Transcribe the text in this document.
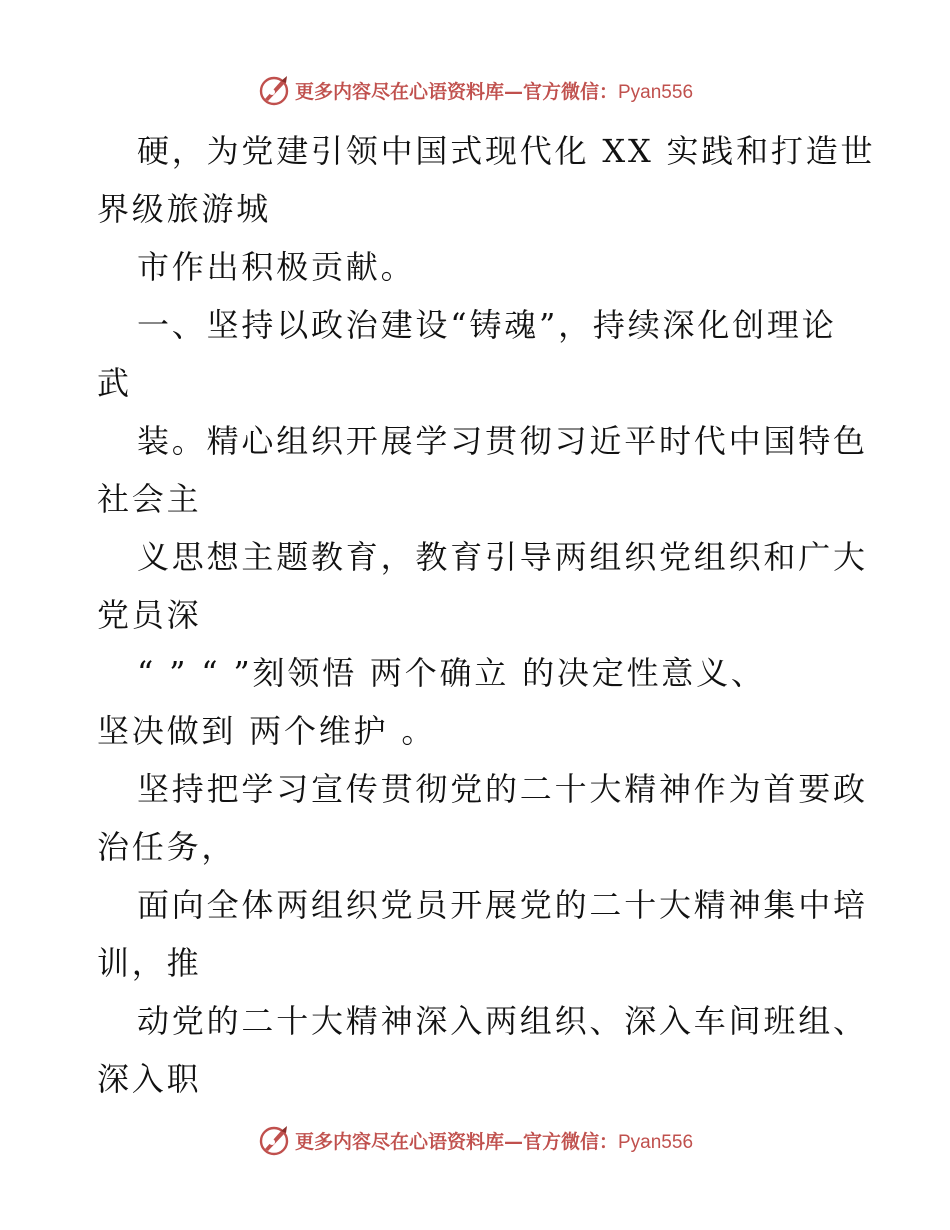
更多内容尽在心语资料库—官方微信：Pyan556
硬，为党建引领中国式现代化 XX 实践和打造世
界级旅游城
市作出积极贡献。
一、坚持以政治建设“铸魂”，持续深化创理论
武
装。精心组织开展学习贯彻习近平时代中国特色
社会主
义思想主题教育，教育引导两组织党组织和广大
党员深
“ ” “ ”刻领悟 两个确立 的决定性意义、
坚决做到 两个维护 。
坚持把学习宣传贯彻党的二十大精神作为首要政
治任务，
面向全体两组织党员开展党的二十大精神集中培
训，推
动党的二十大精神深入两组织、深入车间班组、
深入职
更多内容尽在心语资料库—官方微信：Pyan556
